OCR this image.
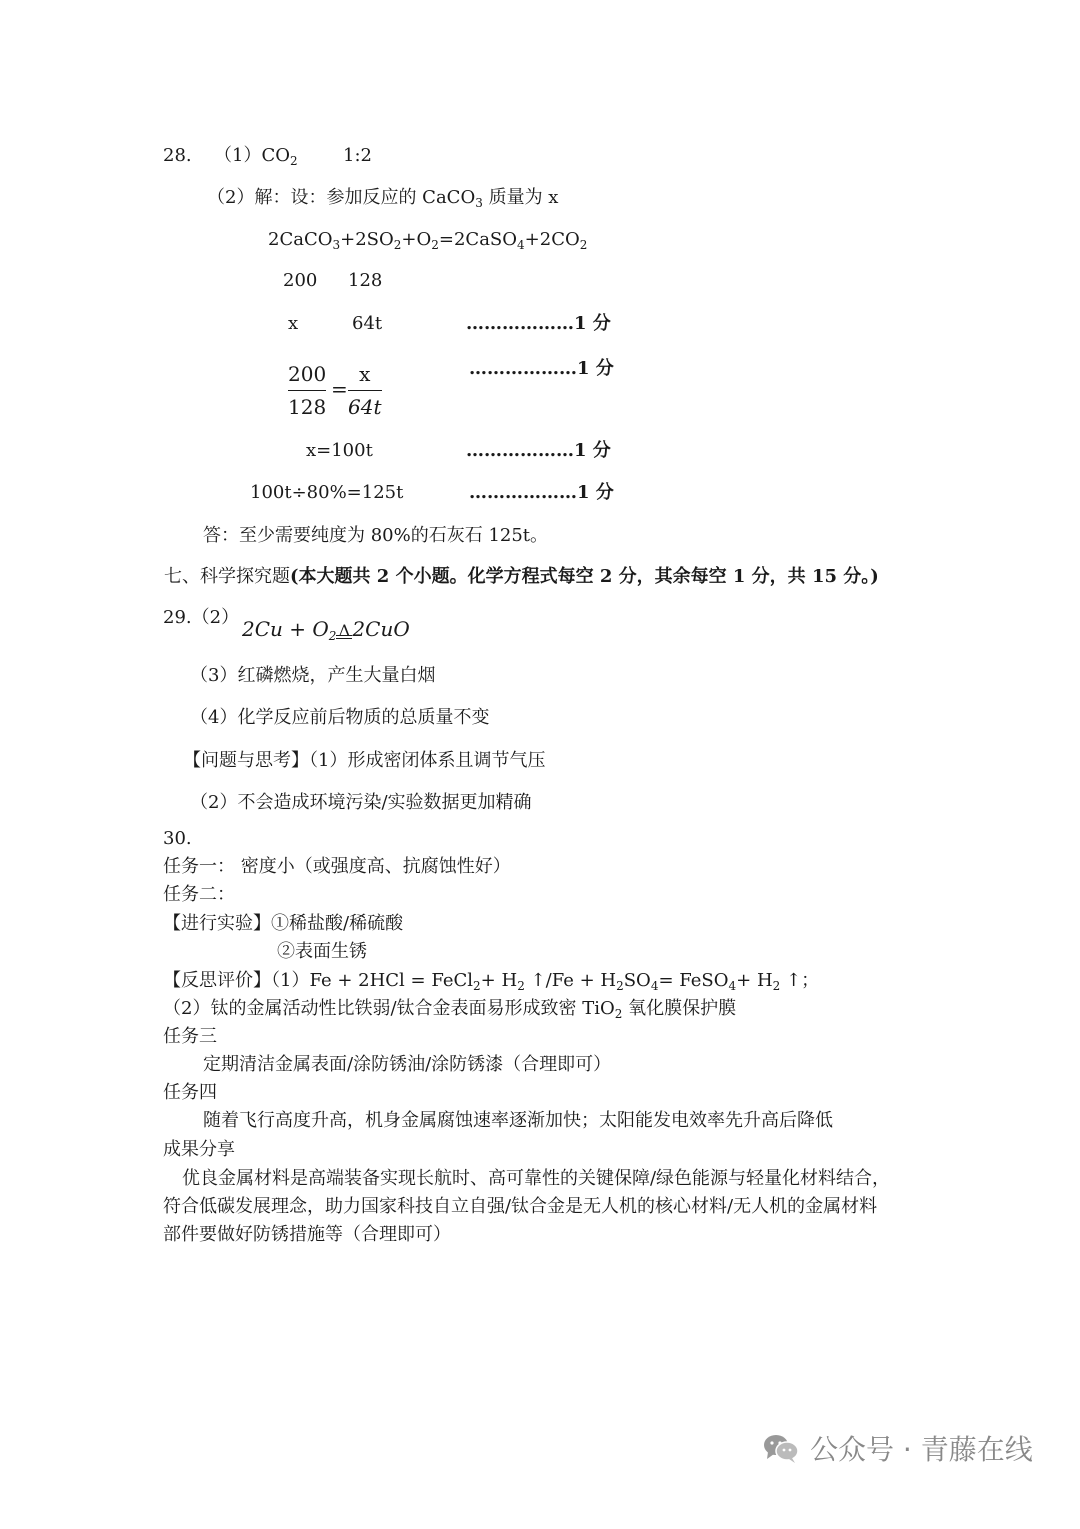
28. $(1)CO_2$	1:2
（2）解：设：参加反应的 CaCO$_3$ 质量为 x
$2CaCO_3+2SO_2+O_2=2CaSO_4+2CO_2$
200 128
x	64t	………………1 分
200
128
=
x
64t
………………1 分
x=100t	………………1 分
100t÷80%=125t	………………1 分
答：至少需要纯度为 80%的石灰石 125t。
七、科学探究题(本大题共 2 个小题。化学方程式每空 2 分，其余每空 1 分，共 15 分。)
29.（2） $2Cu + O_2$ Δ 2CuO
（3）红磷燃烧，产生大量白烟
（4）化学反应前后物质的总质量不变
【问题与思考】（1）形成密闭体系且调节气压
（2）不会造成环境污染/实验数据更加精确
30.
任务一： 密度小（或强度高、抗腐蚀性好）
任务二：
【进行实验】①稀盐酸/稀硫酸
②表面生锈
【反思评价】（1）Fe + 2HCl = FeCl$_2$+ $H_2$ ↑/Fe + $H_2SO_4=$ FeSO$_4$+ $H_2$ ↑；
（2）钛的金属活动性比铁弱/钛合金表面易形成致密 TiO$_2$ 氧化膜保护膜
任务三
定期清洁金属表面/涂防锈油/涂防锈漆（合理即可）
任务四
随着飞行高度升高，机身金属腐蚀速率逐渐加快；太阳能发电效率先升高后降低
成果分享
优良金属材料是高端装备实现长航时、高可靠性的关键保障/绿色能源与轻量化材料结合，
符合低碳发展理念，助力国家科技自立自强/钛合金是无人机的核心材料/无人机的金属材料
部件要做好防锈措施等（合理即可）
公众号 · 青藤在线
